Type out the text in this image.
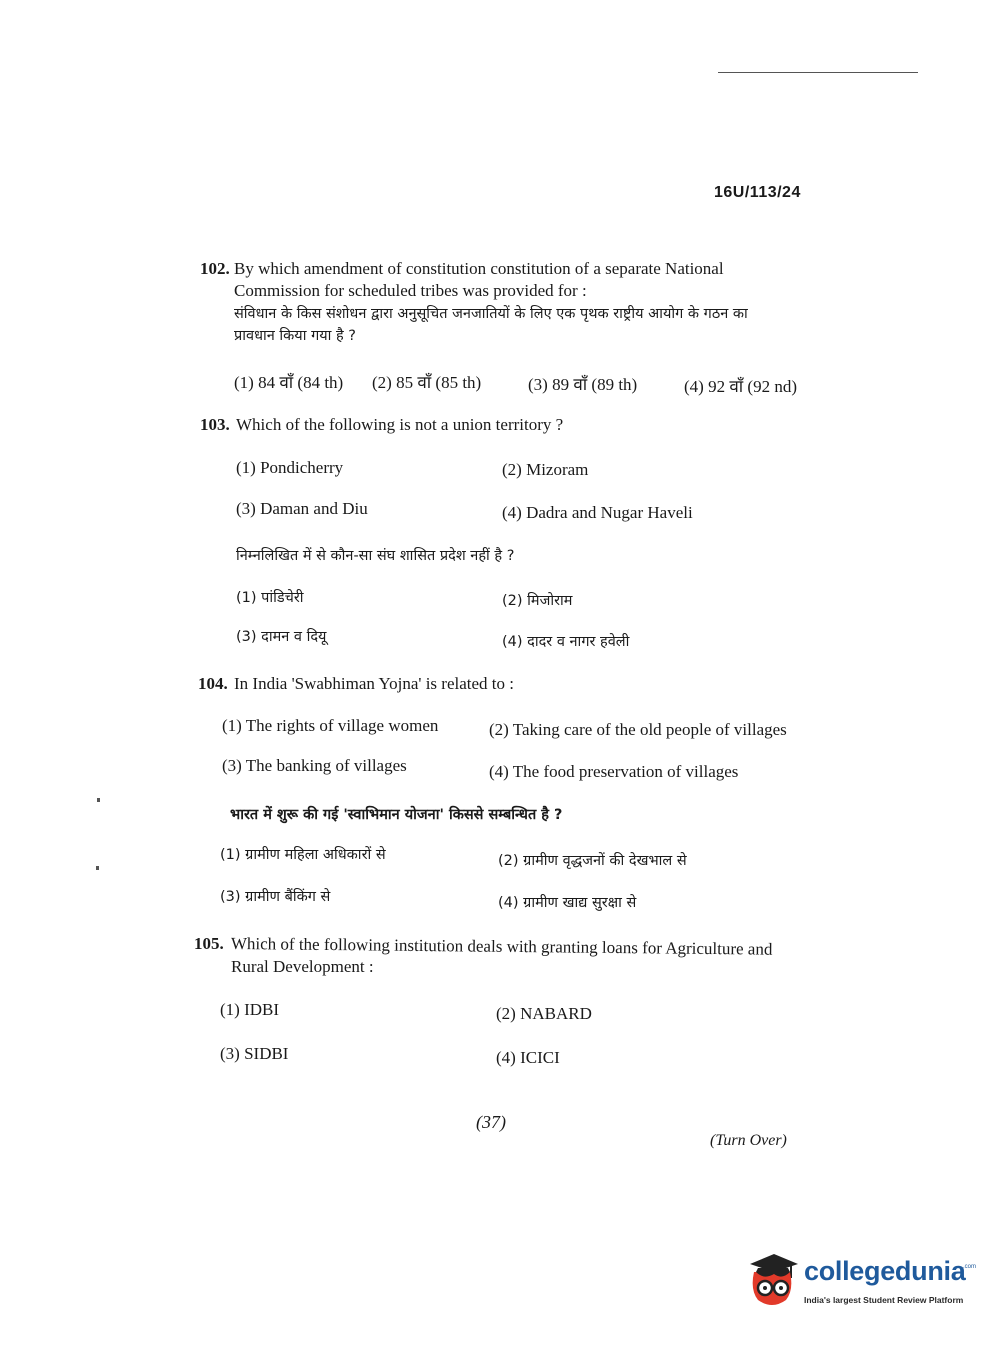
16U/113/24
102. By which amendment of constitution constitution of a separate National
Commission for scheduled tribes was provided for :
संविधान के किस संशोधन द्वारा अनुसूचित जनजातियों के लिए एक पृथक राष्ट्रीय आयोग के गठन का
प्रावधान किया गया है ?
(1) 84 वाँ (84 th) (2) 85 वाँ (85 th)	(3) 89 वाँ (89 th)	(4) 92 वाँ (92 nd)
103. Which of the following is not a union territory ?
(1) Pondicherry	(2) Mizoram
(3) Daman and Diu	(4) Dadra and Nugar Haveli
निम्नलिखित में से कौन-सा संघ शासित प्रदेश नहीं है ?
(1) पांडिचेरी	(2) मिजोराम
(3) दामन व दियू	(4) दादर व नागर हवेली
104. In India 'Swabhiman Yojna' is related to :
(1) The rights of village women	(2) Taking care of the old people of villages
(3) The banking of villages	(4) The food preservation of villages
भारत में शुरू की गई 'स्वाभिमान योजना' किससे सम्बन्धित है ?
(1) ग्रामीण महिला अधिकारों से	(2) ग्रामीण वृद्धजनों की देखभाल से
(3) ग्रामीण बैंकिंग से	(4) ग्रामीण खाद्य सुरक्षा से
105. Which of the following institution deals with granting loans for Agriculture and
Rural Development :
(1) IDBI	(2) NABARD
(3) SIDBI	(4) ICICI
(37)
(Turn Over)
collegedunia
.com
India's largest Student Review Platform
